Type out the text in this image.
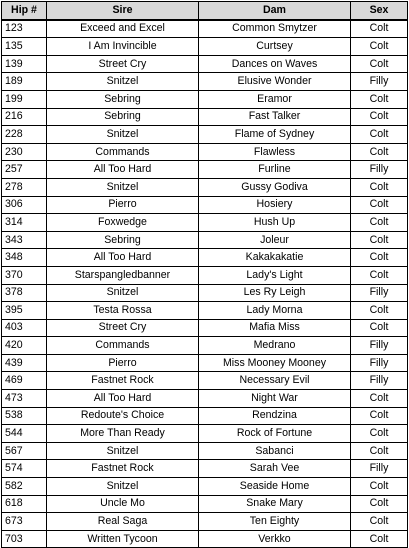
Hip #	Sire	Dam	Sex
123	Exceed and Excel	Common Smytzer	Colt
135	I Am Invincible	Curtsey	Colt
139	Street Cry	Dances on Waves	Colt
189	Snitzel	Elusive Wonder	Filly
199	Sebring	Eramor	Colt
216	Sebring	Fast Talker	Colt
228	Snitzel	Flame of Sydney	Colt
230	Commands	Flawless	Colt
257	All Too Hard	Furline	Filly
278	Snitzel	Gussy Godiva	Colt
306	Pierro	Hosiery	Colt
314	Foxwedge	Hush Up	Colt
343	Sebring	Joleur	Colt
348	All Too Hard	Kakakakatie	Colt
370	Starspangledbanner	Lady's Light	Colt
378	Snitzel	Les Ry Leigh	Filly
395	Testa Rossa	Lady Morna	Colt
403	Street Cry	Mafia Miss	Colt
420	Commands	Medrano	Filly
439	Pierro	Miss Mooney Mooney	Filly
469	Fastnet Rock	Necessary Evil	Filly
473	All Too Hard	Night War	Colt
538	Redoute's Choice	Rendzina	Colt
544	More Than Ready	Rock of Fortune	Colt
567	Snitzel	Sabanci	Colt
574	Fastnet Rock	Sarah Vee	Filly
582	Snitzel	Seaside Home	Colt
618	Uncle Mo	Snake Mary	Colt
673	Real Saga	Ten Eighty	Colt
703	Written Tycoon	Verkko	Colt
